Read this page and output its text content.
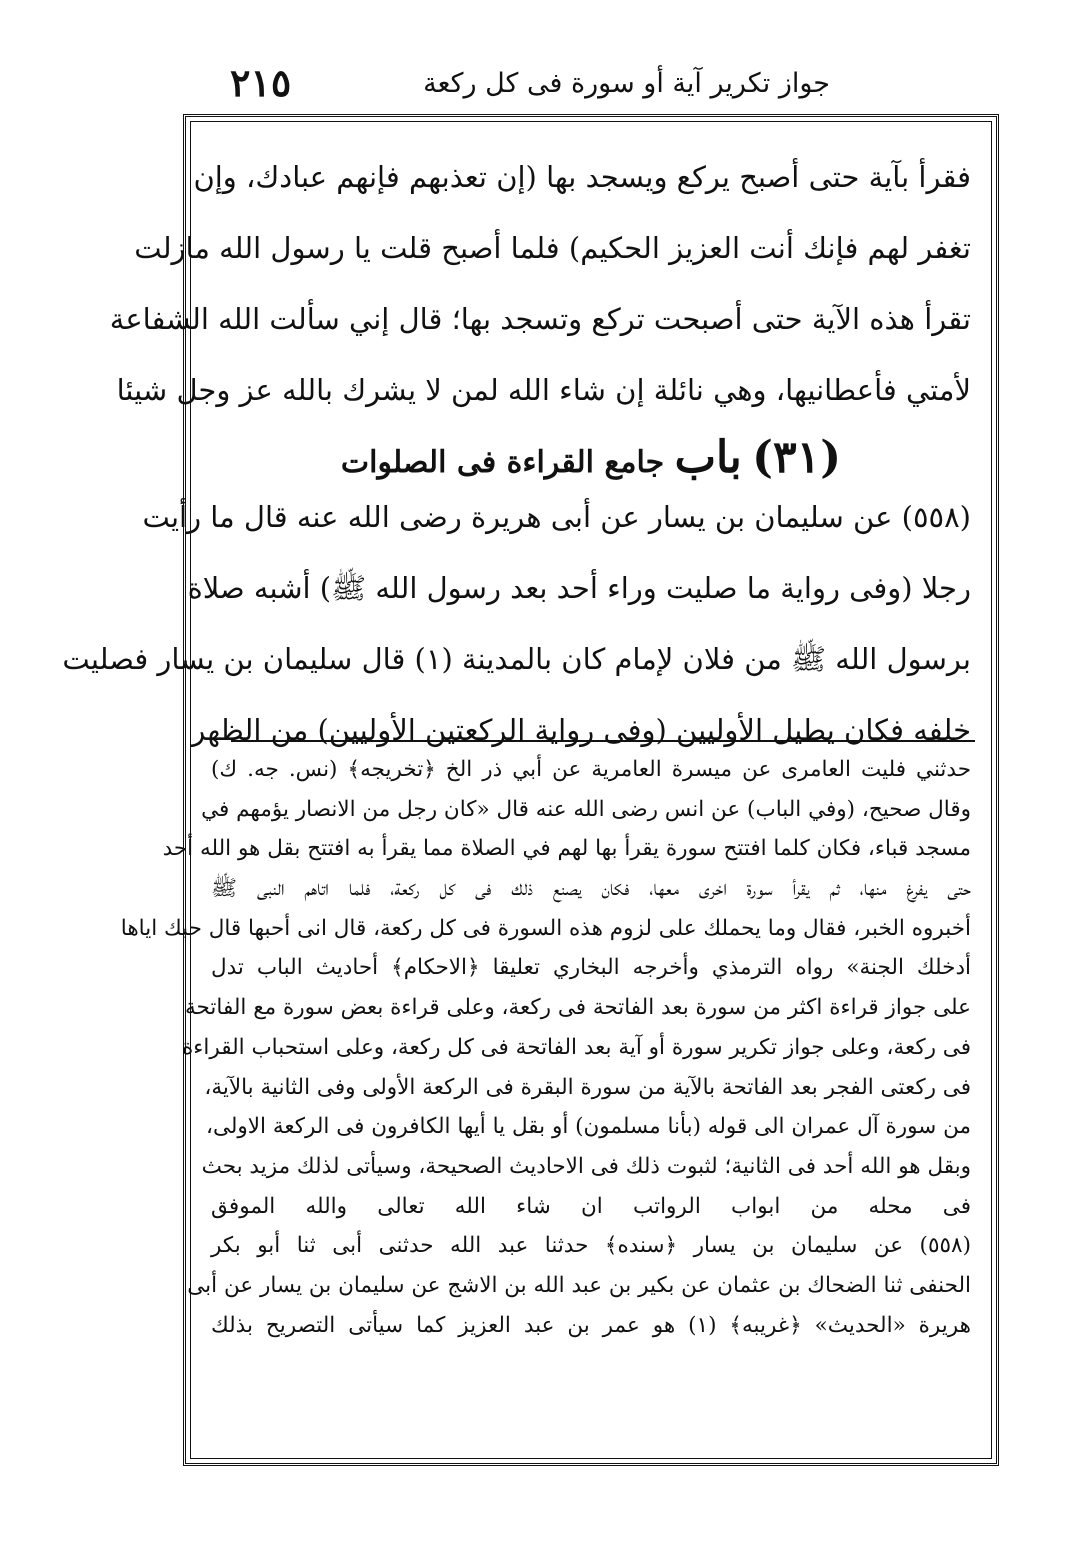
٢١٥	جواز تكرير آية أو سورة فى كل ركعة
فقرأ بآية حتى أصبح يركع ويسجد بها (إن تعذبهم فإنهم عبادك، وإن
تغفر لهم فإنك أنت العزيز الحكيم) فلما أصبح قلت يا رسول الله مازلت
تقرأ هذه الآية حتى أصبحت تركع وتسجد بها؛ قال إني سألت الله الشفاعة
لأمتي فأعطانيها، وهي نائلة إن شاء الله لمن لا يشرك بالله عز وجل شيئا
(٣١) باب جامع القراءة فى الصلوات
(٥٥٨) عن سليمان بن يسار عن أبى هريرة رضى الله عنه قال ما رأيت
رجلا (وفى رواية ما صليت وراء أحد بعد رسول الله ﷺ) أشبه صلاة
برسول الله ﷺ من فلان لإمام كان بالمدينة (١) قال سليمان بن يسار فصليت
خلفه فكان يطيل الأوليين (وفى رواية الركعتين الأوليين) من الظهر
حدثني فليت العامرى عن ميسرة العامرية عن أبي ذر الخ ﴿تخريجه﴾ (نس. جه. ك)
وقال صحيح، (وفي الباب) عن انس رضى الله عنه قال «كان رجل من الانصار يؤمهم في
مسجد قباء، فكان كلما افتتح سورة يقرأ بها لهم في الصلاة مما يقرأ به افتتح بقل هو الله أحد
حتى يفرغ منها، ثم يقرأ سورة اخرى معها، فكان يصنع ذلك فى كل ركعة، فلما اتاهم النبى ﷺ
أخبروه الخبر، فقال وما يحملك على لزوم هذه السورة فى كل ركعة، قال انى أحبها قال حبك اياها
أدخلك الجنة» رواه الترمذي وأخرجه البخاري تعليقا ﴿الاحكام﴾ أحاديث الباب تدل
على جواز قراءة اكثر من سورة بعد الفاتحة فى ركعة، وعلى قراءة بعض سورة مع الفاتحة
فى ركعة، وعلى جواز تكرير سورة أو آية بعد الفاتحة فى كل ركعة، وعلى استحباب القراءة
فى ركعتى الفجر بعد الفاتحة بالآية من سورة البقرة فى الركعة الأولى وفى الثانية بالآية،
من سورة آل عمران الى قوله (بأنا مسلمون) أو بقل يا أيها الكافرون فى الركعة الاولى،
وبقل هو الله أحد فى الثانية؛ لثبوت ذلك فى الاحاديث الصحيحة، وسيأتى لذلك مزيد بحث
فى محله من ابواب الرواتب ان شاء الله تعالى والله الموفق
(٥٥٨) عن سليمان بن يسار ﴿سنده﴾ حدثنا عبد الله حدثنى أبى ثنا أبو بكر
الحنفى ثنا الضحاك بن عثمان عن بكير بن عبد الله بن الاشج عن سليمان بن يسار عن أبى
هريرة «الحديث» ﴿غريبه﴾ (١) هو عمر بن عبد العزيز كما سيأتى التصريح بذلك
